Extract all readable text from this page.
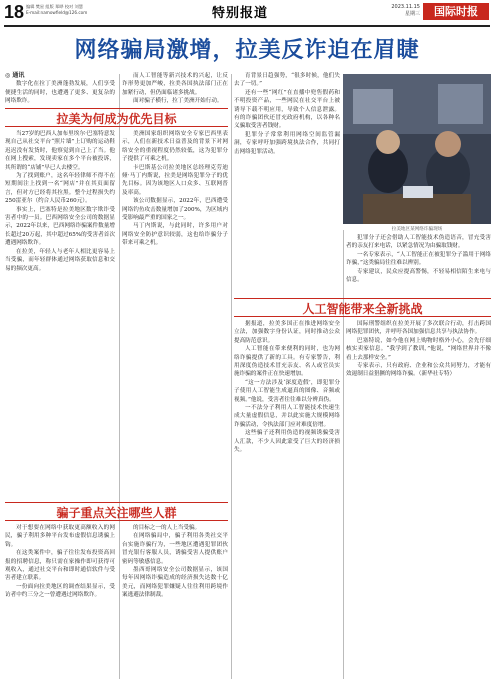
18 编辑 樊星 组版 郑晔 校对 刘慧
E-mail:namowfield@126.com	特别报道	2023.11.15
星期三	国际时报
网络骗局激增，拉美反诈迫在眉睫

◎ 通讯

数字化在拉丁美洲蓬勃发展，人们享受便捷生活的同时，也遭遇了更多、更复杂的网络欺诈。

而人工智能等新兴技术的兴起，让反诈形势更加严峻，拉美各国执法部门正在加紧行动，但仍面临诸多挑战。

面对骗子横行，拉丁美洲开始行动。

拉美为何成为优先目标

当27岁的巴西人加布里埃尔·巴塞特意发现自己从社交平台“照片墙”上订购的运动鞋迟迟没有发货时，他察觉到自己上了当。他在网上搜索，发现卖家在多个平台被投诉，其所谓的“店铺”早已人去楼空。

为了找到账户，这名年轻律师不得不在短期间注上找到一名“网店”并在其页面留言，但对方已经将其拉黑。整个过程损失约250雷亚尔（约合人民币260元）。

事实上，巴塞特是拉美地区数字欺诈受害者中的一员。巴西网络安全公司的数据显示，2022年以来，巴西网络诈骗案件数量增长超过20万起，其中超过65%的受害者首次遭遇网络欺诈。

在拉美，年轻人与老年人相比更容易上当受骗，而年轻群体通过网络获取信息和交易的频次更高。

美洲国家组织网络安全专家巴西里表示，人们在新技术日益普及的背景下对网络安全的重视程度仍然较低，这为犯罪分子提供了可乘之机。

卡巴斯基公司拉美地区总经理克劳迪娅·马丁内斯说，拉美是网络犯罪分子的优先目标。因为该地区人口众多、互联网普及率高。

该公司数据显示，2022年，巴西遭受网络钓鱼攻击数量增加了200%，为区域内受影响最严重的国家之一。

马丁内斯说，与此同时，许多用户对网络安全防护意识较弱，这也给诈骗分子带来可乘之机。

骗子重点关注哪些人群

对于想要在网络中获取更高额收入的网民，骗子利用多种平台发布虚假信息诱骗上钩。

在这类案件中，骗子往往发布投资高回报的招聘信息，称只需在家操作即可获得可观收入，通过社交平台和即时通信软件与受害者建立联系。

一份面向拉美地区的调查结果显示，受访者中约三分之一曾遭遇过网络欺诈。

的目标之一的人上当受骗。

在网络骗局中，骗子利用各类社交平台实施诈骗行为，一些地区遭遇犯罪团伙冒充银行客服人员，诱骗受害人提供账户密码等敏感信息。

墨西哥网络安全公司数据显示，该国每年因网络诈骗造成的经济损失达数十亿美元，而网络犯罪嫌疑人往往利用跨境作案逃避法律制裁。

育背景日趋强势，“很多时候，他们失去了一切。”

还有一些“网红”在直播中兜售假药和不明投资产品，一些网民在社交平台上被诱导下载不明应用，导致个人信息泄露。有的诈骗团伙还冒充政府机构，以各种名义骗取受害者钱财。

犯罪分子常常利用网络空间监管漏洞，专家呼吁加强跨境执法合作，共同打击网络犯罪活动。

拉美地区某网络诈骗现场

犯罪分子还会借助人工智能技术伪造语音，冒充受害者的亲友打来电话，以紧急情况为由骗取钱财。

一名专家表示，“人工智能正在被犯罪分子滥用于网络诈骗，”这类骗局往往难以辨别。

专家建议，民众应提高警惕，不轻易相信陌生来电与信息。

人工智能带来全新挑战

据报道，拉美多国正在推进网络安全立法，加强数字身份认证，同时推动公众提高防范意识。

人工智能在带来便利的同时，也为网络诈骗提供了新的工具。有专家警告，利用深度伪造技术冒充亲友、名人或官员实施诈骗的案件正在快速增加。

“这一方法涉及‘深度造假’，即犯罪分子使用人工智能生成逼真的图像、音频或视频。”他说，受害者往往难以分辨真伪。

一不法分子利用人工智能技术快速生成大量虚假信息，并以此实施大规模网络诈骗活动，令执法部门应对难度倍增。

这些骗子还利用伪造的视频诱骗受害人汇款，不少人因此蒙受了巨大的经济损失。

国际刑警组织在拉美开展了多次联合行动，打击跨国网络犯罪团伙，并呼吁各国加强信息共享与执法协作。

巴塞特说，如今他在网上购物时格外小心，会先仔细核实卖家信息。“我学到了教训，”他说，“网络世界并不像看上去那样安全。”

专家表示，只有政府、企业和公众共同努力，才能有效遏制日益猖獗的网络诈骗。（新华社专特）
